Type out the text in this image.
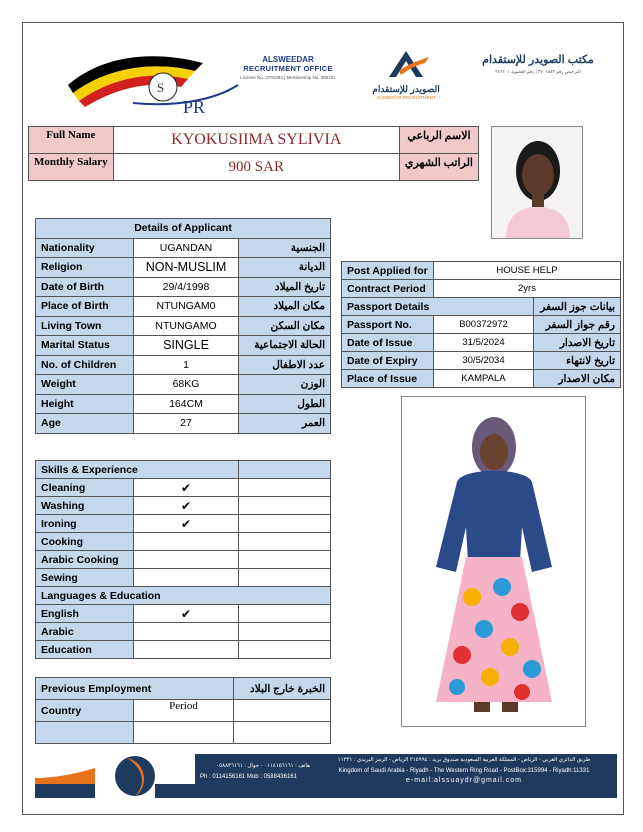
S
PR
ALSWEEDAR
RECRUITMENT OFFICE
License No. 3701583 | Membership No. 386201
الصويدر للإستقدام
ALSWEDAR RECRUITMENT
مكتب الصويدر للإستقدام
الترخيص رقم ٣٧٠١٥٨٣ | رقم العضوية ٣٨٦٢٠١
Full Name	KYOKUSIIMA SYLIVIA	الاسم الرباعي
Monthly Salary	900 SAR	الراتب الشهري
Details of Applicant		
Nationality	UGANDAN	الجنسية
Religion	NON-MUSLIM	الديانة
Date of Birth	29/4/1998	تاريخ الميلاد
Place of Birth	NTUNGAM0	مكان الميلاد
Living Town	NTUNGAMO	مكان السكن
Marital Status	SINGLE	الحالة الاجتماعية
No. of Children	1	عدد الاطفال
Weight	68KG	الوزن
Height	164CM	الطول
Age	27	العمر
Post Applied for	HOUSE HELP	
Contract Period	2yrs	
Passport Details		بيانات جوز السفر
Passport No.	B00372972	رقم جواز السفر
Date of Issue	31/5/2024	تاريخ الاصدار
Date of Expiry	30/5/2034	تاريخ لانتهاء
Place of Issue	KAMPALA	مكان الاصدار
Skills & Experience		
Cleaning	✔	
Washing	✔	
Ironing	✔	
Cooking		
Arabic Cooking		
Sewing		
Languages & Education		
English	✔	
Arabic		
Education		
Previous Employment		الخبرة خارج البلاد
Country	Period	

هاتف : ٠١١٤١٥٦١٦١ - جوال : ٠٥٨٨٣٦١٦١
Ph : 0114156161 Mob : 0588436161
طريق الدائري الغربي - الرياض - المملكة العربية السعودية صندوق بريد : ٣١٥٩٩٤ الرياض - الرمز البريدي : ١١٣٣١
Kingdom of Saudi Arabia - Riyadh - The Western Ring Road - PostBox:315994 - Riyadh:11331
e-mail:alssuaydr@gmail.com
